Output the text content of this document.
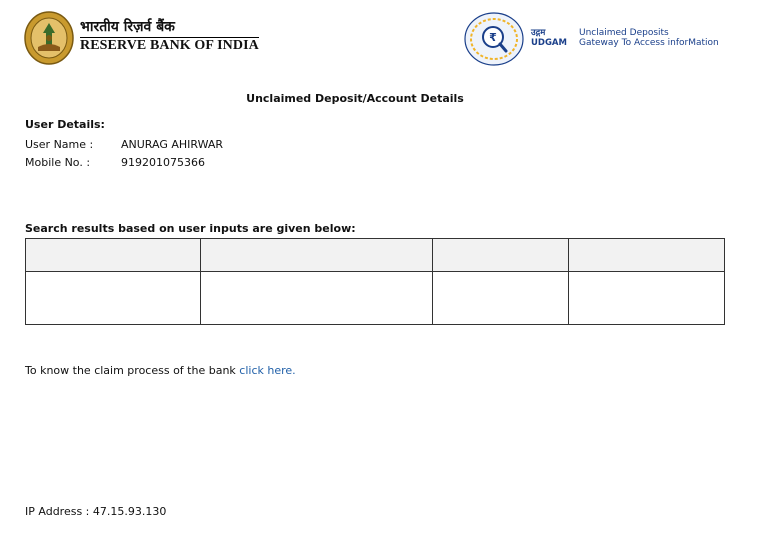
भारतीय रिज़र्व बैंक
RESERVE BANK OF INDIA
₹	उद्गम
UDGAM
Unclaimed Deposits
Gateway To Access inforMation
Unclaimed Deposit/Account Details
User Details:
User Name :	ANURAG AHIRWAR
Mobile No. :	919201075366
Search results based on user inputs are given below:

To know the claim process of the bank click here.
IP Address : 47.15.93.130
